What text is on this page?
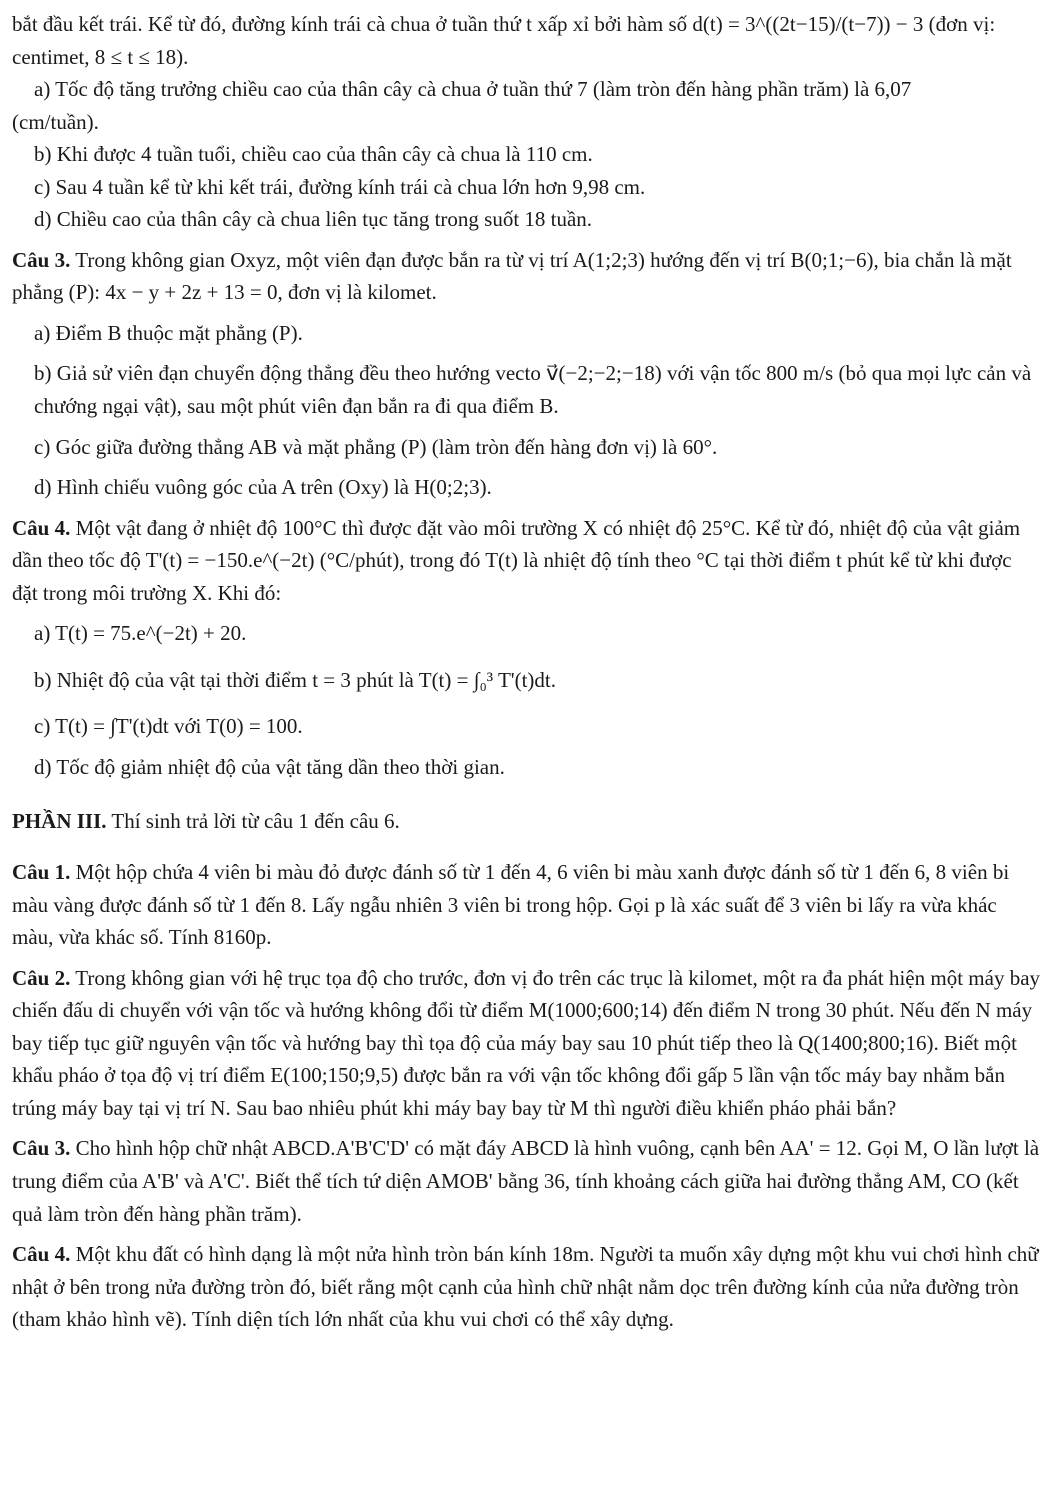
bắt đầu kết trái. Kể từ đó, đường kính trái cà chua ở tuần thứ t xấp xỉ bởi hàm số d(t) = 3^((2t−15)/(t−7)) − 3 (đơn vị:
centimet, 8 ≤ t ≤ 18).
a) Tốc độ tăng trưởng chiều cao của thân cây cà chua ở tuần thứ 7 (làm tròn đến hàng phần trăm) là 6,07
(cm/tuần).
b) Khi được 4 tuần tuổi, chiều cao của thân cây cà chua là 110 cm.
c) Sau 4 tuần kể từ khi kết trái, đường kính trái cà chua lớn hơn 9,98 cm.
d) Chiều cao của thân cây cà chua liên tục tăng trong suốt 18 tuần.

Câu 3. Trong không gian Oxyz, một viên đạn được bắn ra từ vị trí A(1;2;3) hướng đến vị trí B(0;1;−6), bia chắn là mặt phẳng (P): 4x − y + 2z + 13 = 0, đơn vị là kilomet.

a) Điểm B thuộc mặt phẳng (P).
b) Giả sử viên đạn chuyển động thẳng đều theo hướng vecto v⃗(−2;−2;−18) với vận tốc 800 m/s (bỏ qua mọi lực cản và chướng ngại vật), sau một phút viên đạn bắn ra đi qua điểm B.
c) Góc giữa đường thẳng AB và mặt phẳng (P) (làm tròn đến hàng đơn vị) là 60°.
d) Hình chiếu vuông góc của A trên (Oxy) là H(0;2;3).

Câu 4. Một vật đang ở nhiệt độ 100°C thì được đặt vào môi trường X có nhiệt độ 25°C. Kể từ đó, nhiệt độ của vật giảm dần theo tốc độ T'(t) = −150.e^(−2t) (°C/phút), trong đó T(t) là nhiệt độ tính theo °C tại thời điểm t phút kể từ khi được đặt trong môi trường X. Khi đó:

a) T(t) = 75.e^(−2t) + 20.
b) Nhiệt độ của vật tại thời điểm t = 3 phút là T(t) = ∫₀³ T'(t)dt.
c) T(t) = ∫T'(t)dt với T(0) = 100.
d) Tốc độ giảm nhiệt độ của vật tăng dần theo thời gian.
PHẦN III. Thí sinh trả lời từ câu 1 đến câu 6.

Câu 1. Một hộp chứa 4 viên bi màu đỏ được đánh số từ 1 đến 4, 6 viên bi màu xanh được đánh số từ 1 đến 6, 8 viên bi màu vàng được đánh số từ 1 đến 8. Lấy ngẫu nhiên 3 viên bi trong hộp. Gọi p là xác suất để 3 viên bi lấy ra vừa khác màu, vừa khác số. Tính 8160p.

Câu 2. Trong không gian với hệ trục tọa độ cho trước, đơn vị đo trên các trục là kilomet, một ra đa phát hiện một máy bay chiến đấu di chuyển với vận tốc và hướng không đổi từ điểm M(1000;600;14) đến điểm N trong 30 phút. Nếu đến N máy bay tiếp tục giữ nguyên vận tốc và hướng bay thì tọa độ của máy bay sau 10 phút tiếp theo là Q(1400;800;16). Biết một khẩu pháo ở tọa độ vị trí điểm E(100;150;9,5) được bắn ra với vận tốc không đổi gấp 5 lần vận tốc máy bay nhằm bắn trúng máy bay tại vị trí N. Sau bao nhiêu phút khi máy bay bay từ M thì người điều khiển pháo phải bắn?

Câu 3. Cho hình hộp chữ nhật ABCD.A'B'C'D' có mặt đáy ABCD là hình vuông, cạnh bên AA' = 12. Gọi M, O lần lượt là trung điểm của A'B' và A'C'. Biết thể tích tứ diện AMOB' bằng 36, tính khoảng cách giữa hai đường thẳng AM, CO (kết quả làm tròn đến hàng phần trăm).

Câu 4. Một khu đất có hình dạng là một nửa hình tròn bán kính 18m. Người ta muốn xây dựng một khu vui chơi hình chữ nhật ở bên trong nửa đường tròn đó, biết rằng một cạnh của hình chữ nhật nằm dọc trên đường kính của nửa đường tròn (tham khảo hình vẽ). Tính diện tích lớn nhất của khu vui chơi có thể xây dựng.
